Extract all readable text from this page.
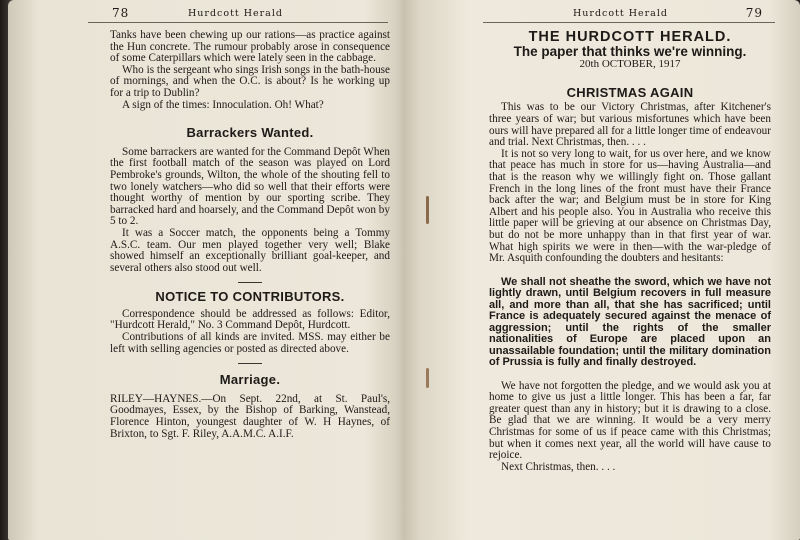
78	Hurdcott Herald

Tanks have been chewing up our rations—as practice against the Hun concrete. The rumour probably arose in consequence of some Caterpillars which were lately seen in the cabbage.

Who is the sergeant who sings Irish songs in the bath-house of mornings, and when the O.C. is about? Is he working up for a trip to Dublin?

A sign of the times: Innoculation. Oh! What?

Barrackers Wanted.

Some barrackers are wanted for the Command Depôt When the first football match of the season was played on Lord Pembroke's grounds, Wilton, the whole of the shouting fell to two lonely watchers—who did so well that their efforts were thought worthy of mention by our sporting scribe. They barracked hard and hoarsely, and the Command Depôt won by 5 to 2.

It was a Soccer match, the opponents being a Tommy A.S.C. team. Our men played together very well; Blake showed himself an exceptionally brilliant goal-keeper, and several others also stood out well.

NOTICE TO CONTRIBUTORS.

Correspondence should be addressed as follows: Editor, "Hurdcott Herald," No. 3 Command Depôt, Hurdcott.

Contributions of all kinds are invited. MSS. may either be left with selling agencies or posted as directed above.

Marriage.

RILEY—HAYNES.—On Sept. 22nd, at St. Paul's, Goodmayes, Essex, by the Bishop of Barking, Wanstead, Florence Hinton, youngest daughter of W. H Haynes, of Brixton, to Sgt. F. Riley, A.A.M.C. A.I.F.

Hurdcott Herald	79
THE HURDCOTT HERALD.
The paper that thinks we're winning.
20th OCTOBER, 1917
CHRISTMAS AGAIN

This was to be our Victory Christmas, after Kitchener's three years of war; but various misfortunes which have been ours will have prepared all for a little longer time of endeavour and trial. Next Christmas, then. . . .

It is not so very long to wait, for us over here, and we know that peace has much in store for us—having Australia—and that is the reason why we willingly fight on. Those gallant French in the long lines of the front must have their France back after the war; and Belgium must be in store for King Albert and his people also. You in Australia who receive this little paper will be grieving at our absence on Christmas Day, but do not be more unhappy than in that first year of war. What high spirits we were in then—with the war-pledge of Mr. Asquith confounding the doubters and hesitants:

We shall not sheathe the sword, which we have not lightly drawn, until Belgium recovers in full measure all, and more than all, that she has sacrificed; until France is adequately secured against the menace of aggression; until the rights of the smaller nationalities of Europe are placed upon an unassailable foundation; until the military domination of Prussia is fully and finally destroyed.

We have not forgotten the pledge, and we would ask you at home to give us just a little longer. This has been a far, far greater quest than any in history; but it is drawing to a close. Be glad that we are winning. It would be a very merry Christmas for some of us if peace came with this Christmas; but when it comes next year, all the world will have cause to rejoice.

Next Christmas, then. . . .
